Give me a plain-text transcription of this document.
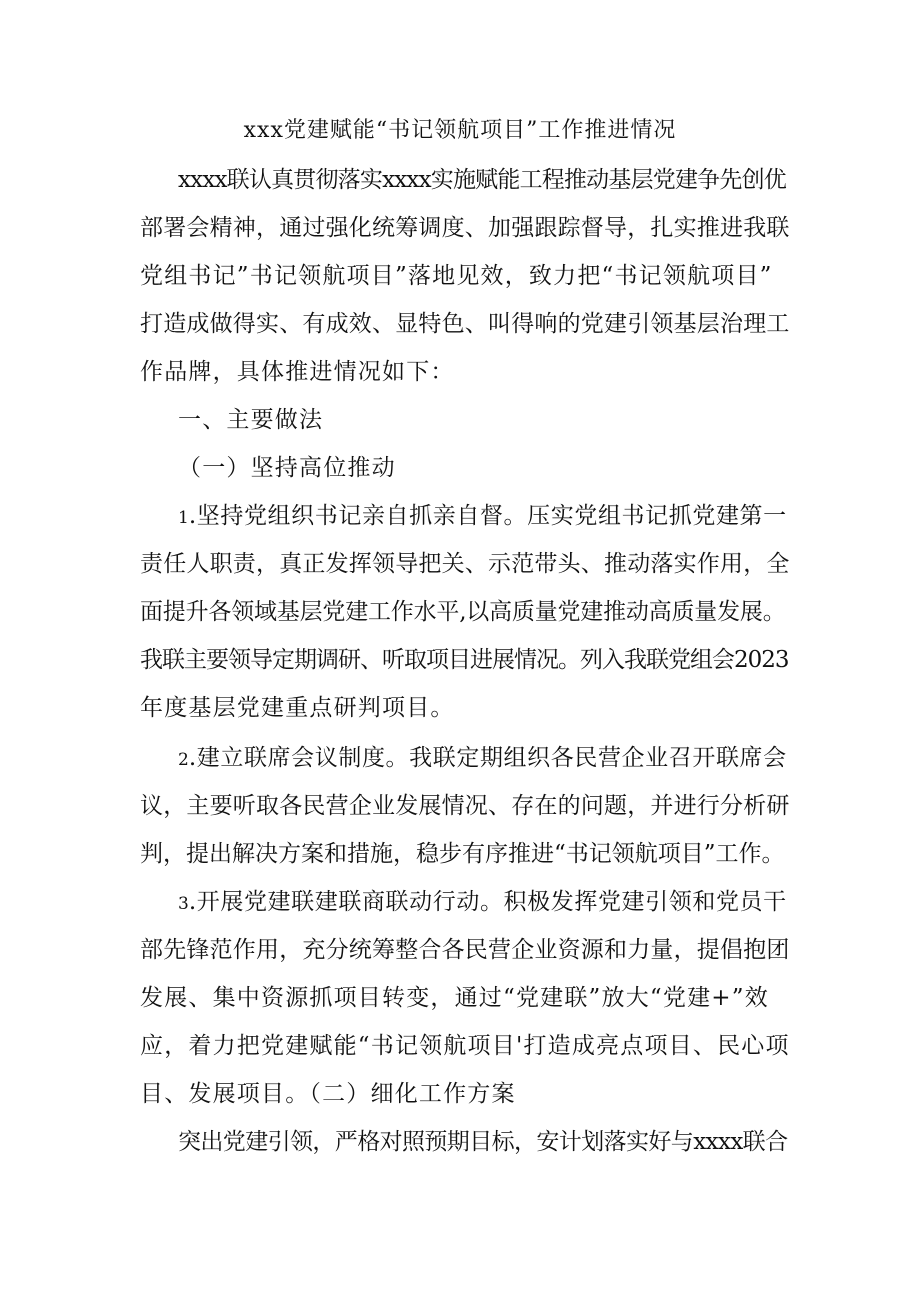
xxx党建赋能“书记领航项目”工作推进情况
xxxx联认真贯彻落实xxxx实施赋能工程推动基层党建争先创优
部署会精神，通过强化统筹调度、加强跟踪督导，扎实推进我联
党组书记”书记领航项目”落地见效，致力把“书记领航项目”
打造成做得实、有成效、显特色、叫得响的党建引领基层治理工
作品牌，具体推进情况如下：
一、主要做法
（一）坚持高位推动
1.坚持党组织书记亲自抓亲自督。压实党组书记抓党建第一
责任人职责，真正发挥领导把关、示范带头、推动落实作用，全
面提升各领域基层党建工作水平,以高质量党建推动高质量发展。
我联主要领导定期调研、听取项目进展情况。列入我联党组会2023
年度基层党建重点研判项目。
2.建立联席会议制度。我联定期组织各民营企业召开联席会
议，主要听取各民营企业发展情况、存在的问题，并进行分析研
判，提出解决方案和措施，稳步有序推进“书记领航项目”工作。
3.开展党建联建联商联动行动。积极发挥党建引领和党员干
部先锋范作用，充分统筹整合各民营企业资源和力量，提倡抱团
发展、集中资源抓项目转变，通过“党建联”放大“党建+”效
应，着力把党建赋能“书记领航项目'打造成亮点项目、民心项
目、发展项目。（二）细化工作方案
突出党建引领，严格对照预期目标，安计划落实好与xxxx联合
